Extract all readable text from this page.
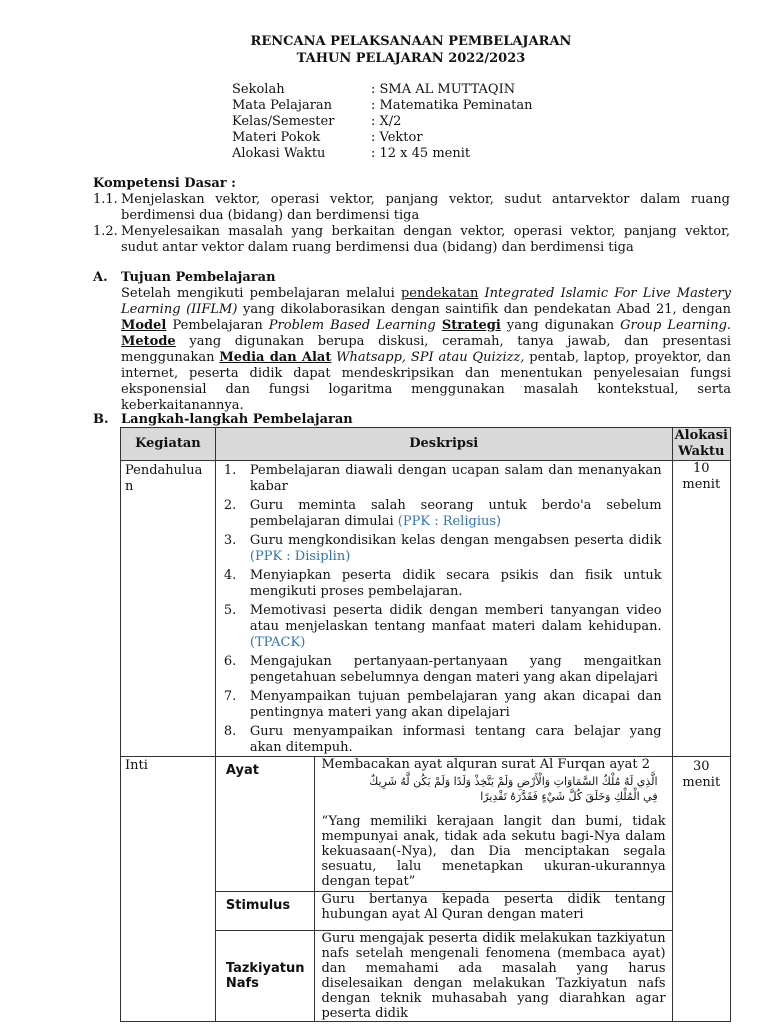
RENCANA PELAKSANAAN PEMBELAJARAN
TAHUN PELAJARAN 2022/2023
Sekolah	: SMA AL MUTTAQIN
Mata Pelajaran	: Matematika Peminatan
Kelas/Semester	: X/2
Materi Pokok	: Vektor
Alokasi Waktu	: 12 x 45 menit
Kompetensi Dasar :
1.1. Menjelaskan vektor, operasi vektor, panjang vektor, sudut antarvektor dalam ruang berdimensi dua (bidang) dan berdimensi tiga
1.2. Menyelesaikan masalah yang berkaitan dengan vektor, operasi vektor, panjang vektor, sudut antar vektor dalam ruang berdimensi dua (bidang) dan berdimensi tiga
A. Tujuan Pembelajaran
Setelah mengikuti pembelajaran melalui pendekatan Integrated Islamic For Live Mastery Learning (IIFLM) yang dikolaborasikan dengan saintifik dan pendekatan Abad 21, dengan Model Pembelajaran Problem Based Learning Strategi yang digunakan Group Learning. Metode yang digunakan berupa diskusi, ceramah, tanya jawab, dan presentasi menggunakan Media dan Alat Whatsapp, SPI atau Quizizz, pentab, laptop, proyektor, dan internet, peserta didik dapat mendeskripsikan dan menentukan penyelesaian fungsi eksponensial dan fungsi logaritma menggunakan masalah kontekstual, serta keberkaitanannya.
B. Langkah-langkah Pembelajaran
Kegiatan	Deskripsi	Alokasi Waktu
Pendahulua n	
1.	Pembelajaran diawali dengan ucapan salam dan menanyakan kabar
2.	Guru meminta salah seorang untuk berdo'a sebelum pembelajaran dimulai (PPK : Religius)
3.	Guru mengkondisikan kelas dengan mengabsen peserta didik (PPK : Disiplin)
4.	Menyiapkan peserta didik secara psikis dan fisik untuk mengikuti proses pembelajaran.
5.	Memotivasi peserta didik dengan memberi tanyangan video atau menjelaskan tentang manfaat materi dalam kehidupan. (TPACK)
6.	Mengajukan pertanyaan-pertanyaan yang mengaitkan pengetahuan sebelumnya dengan materi yang akan dipelajari
7.	Menyampaikan tujuan pembelajaran yang akan dicapai dan pentingnya materi yang akan dipelajari
8.	Guru menyampaikan informasi tentang cara belajar yang akan ditempuh.
	10 menit
Inti		Ayat	Membacakan ayat alquran surat Al Furqan ayat 2
الَّذِي لَهُ مُلْكُ السَّمَاوَاتِ وَالْأَرْضِ وَلَمْ يَتَّخِذْ وَلَدًا وَلَمْ يَكُن لَّهُ شَرِيكٌ فِي الْمُلْكِ وَخَلَقَ كُلَّ شَيْءٍ فَقَدَّرَهُ تَقْدِيرًا
“Yang memiliki kerajaan langit dan bumi, tidak mempunyai anak, tidak ada sekutu bagi-Nya dalam kekuasaan(-Nya), dan Dia menciptakan segala sesuatu, lalu menetapkan ukuran-ukurannya dengan tepat”

Stimulus	Guru bertanya kepada peserta didik tentang hubungan ayat Al Quran dengan materi
Tazkiyatun Nafs	Guru mengajak peserta didik melakukan tazkiyatun nafs setelah mengenali fenomena (membaca ayat) dan memahami ada masalah yang harus diselesaikan dengan melakukan Tazkiyatun nafs dengan teknik muhasabah yang diarahkan agar peserta didik
	30 menit
